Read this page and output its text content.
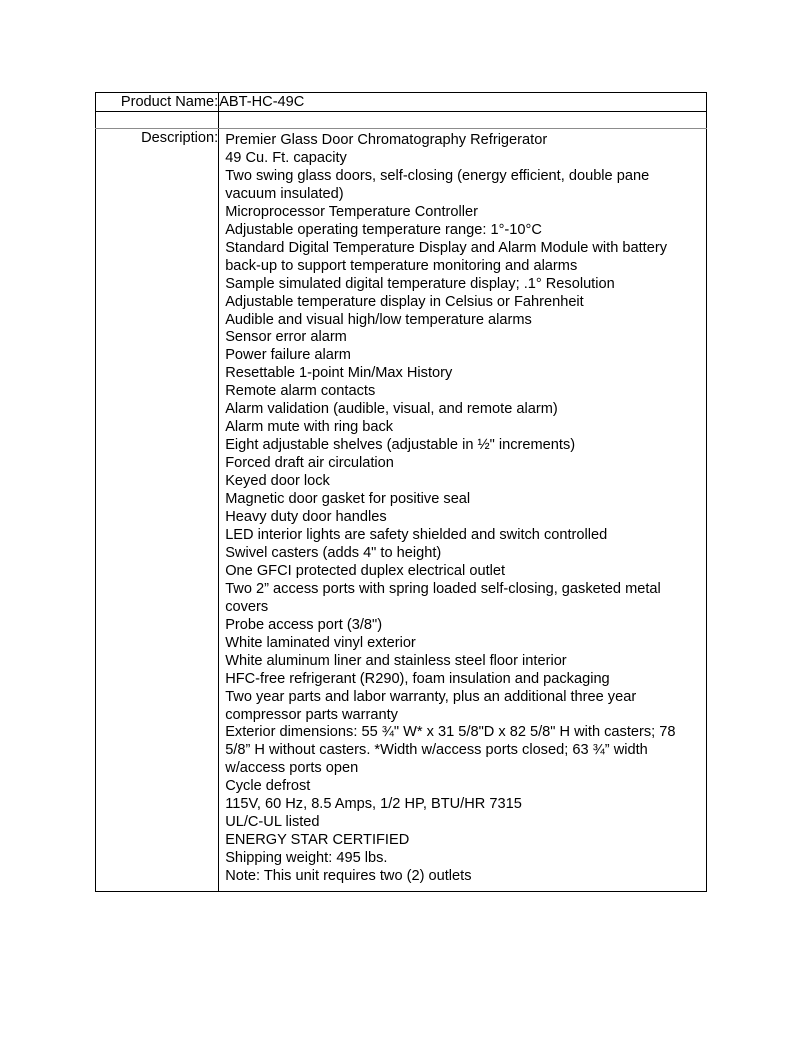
Product Name:	ABT-HC-49C

Description:	Premier Glass Door Chromatography Refrigerator
49 Cu. Ft. capacity
Two swing glass doors, self-closing (energy efficient, double pane vacuum insulated)
Microprocessor Temperature Controller
Adjustable operating temperature range: 1°-10°C
Standard Digital Temperature Display and Alarm Module with battery back-up to support temperature monitoring and alarms
Sample simulated digital temperature display; .1° Resolution
Adjustable temperature display in Celsius or Fahrenheit
Audible and visual high/low temperature alarms
Sensor error alarm
Power failure alarm
Resettable 1-point Min/Max History
Remote alarm contacts
Alarm validation (audible, visual, and remote alarm)
Alarm mute with ring back
Eight adjustable shelves (adjustable in ½" increments)
Forced draft air circulation
Keyed door lock
Magnetic door gasket for positive seal
Heavy duty door handles
LED interior lights are safety shielded and switch controlled
Swivel casters (adds 4" to height)
One GFCI protected duplex electrical outlet
Two 2” access ports with spring loaded self-closing, gasketed metal covers
Probe access port (3/8")
White laminated vinyl exterior
White aluminum liner and stainless steel floor interior
HFC-free refrigerant (R290), foam insulation and packaging
Two year parts and labor warranty, plus an additional three year compressor parts warranty
Exterior dimensions: 55 ¾" W* x 31 5/8"D x 82 5/8" H with casters; 78 5/8” H without casters. *Width w/access ports closed; 63 ¾” width w/access ports open
Cycle defrost
115V, 60 Hz, 8.5 Amps, 1/2 HP, BTU/HR 7315
UL/C-UL listed
ENERGY STAR CERTIFIED
Shipping weight: 495 lbs.
Note: This unit requires two (2) outlets
